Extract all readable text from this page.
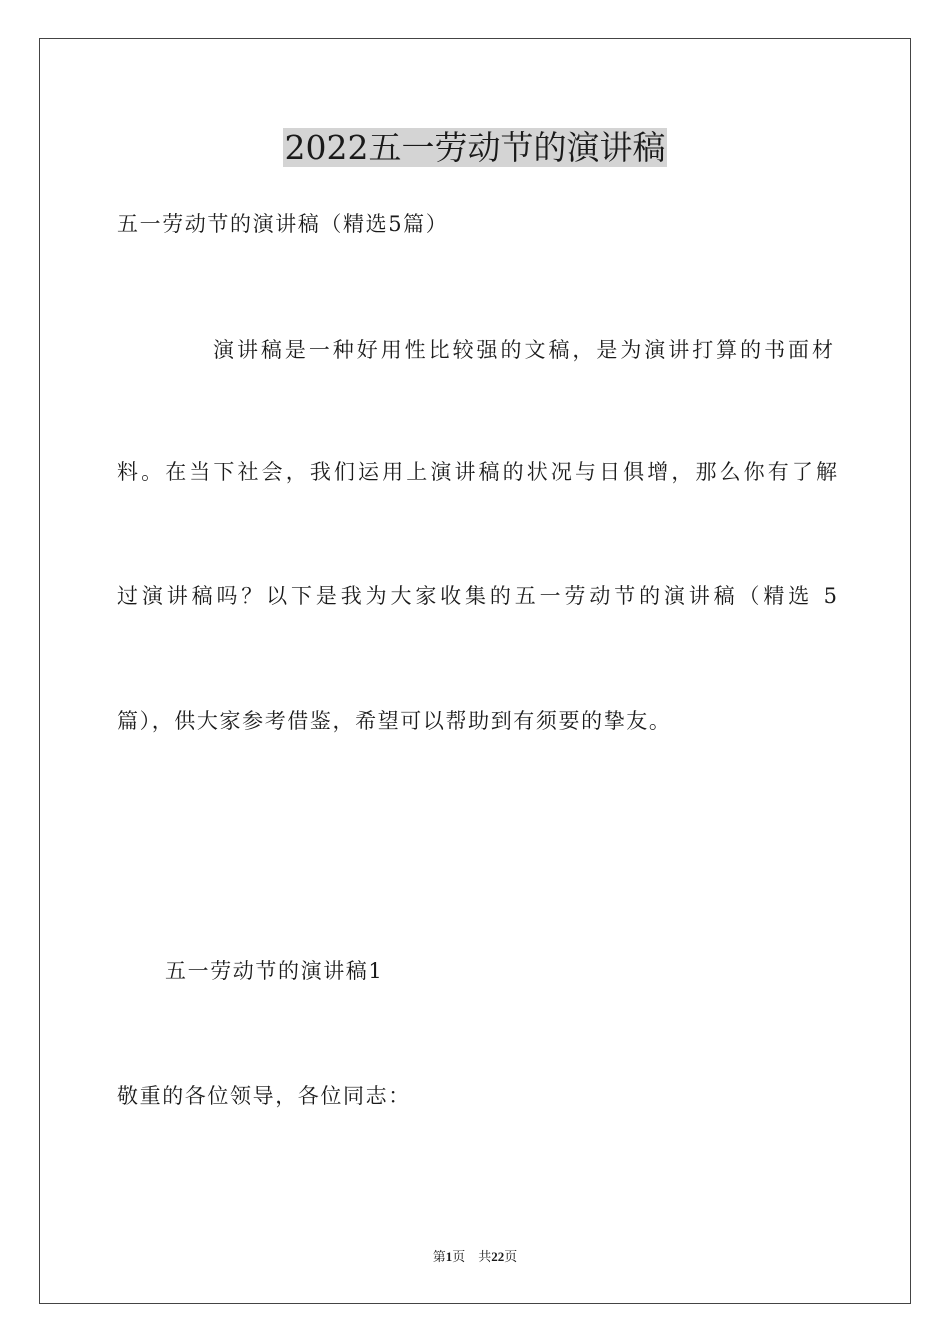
2022五一劳动节的演讲稿
五一劳动节的演讲稿（精选5篇）
演讲稿是一种好用性比较强的文稿，是为演讲打算的书面材
料。在当下社会，我们运用上演讲稿的状况与日俱增，那么你有了解
过演讲稿吗？以下是我为大家收集的五一劳动节的演讲稿（精选 5
篇），供大家参考借鉴，希望可以帮助到有须要的挚友。
五一劳动节的演讲稿1
敬重的各位领导，各位同志：
第1页　共22页
